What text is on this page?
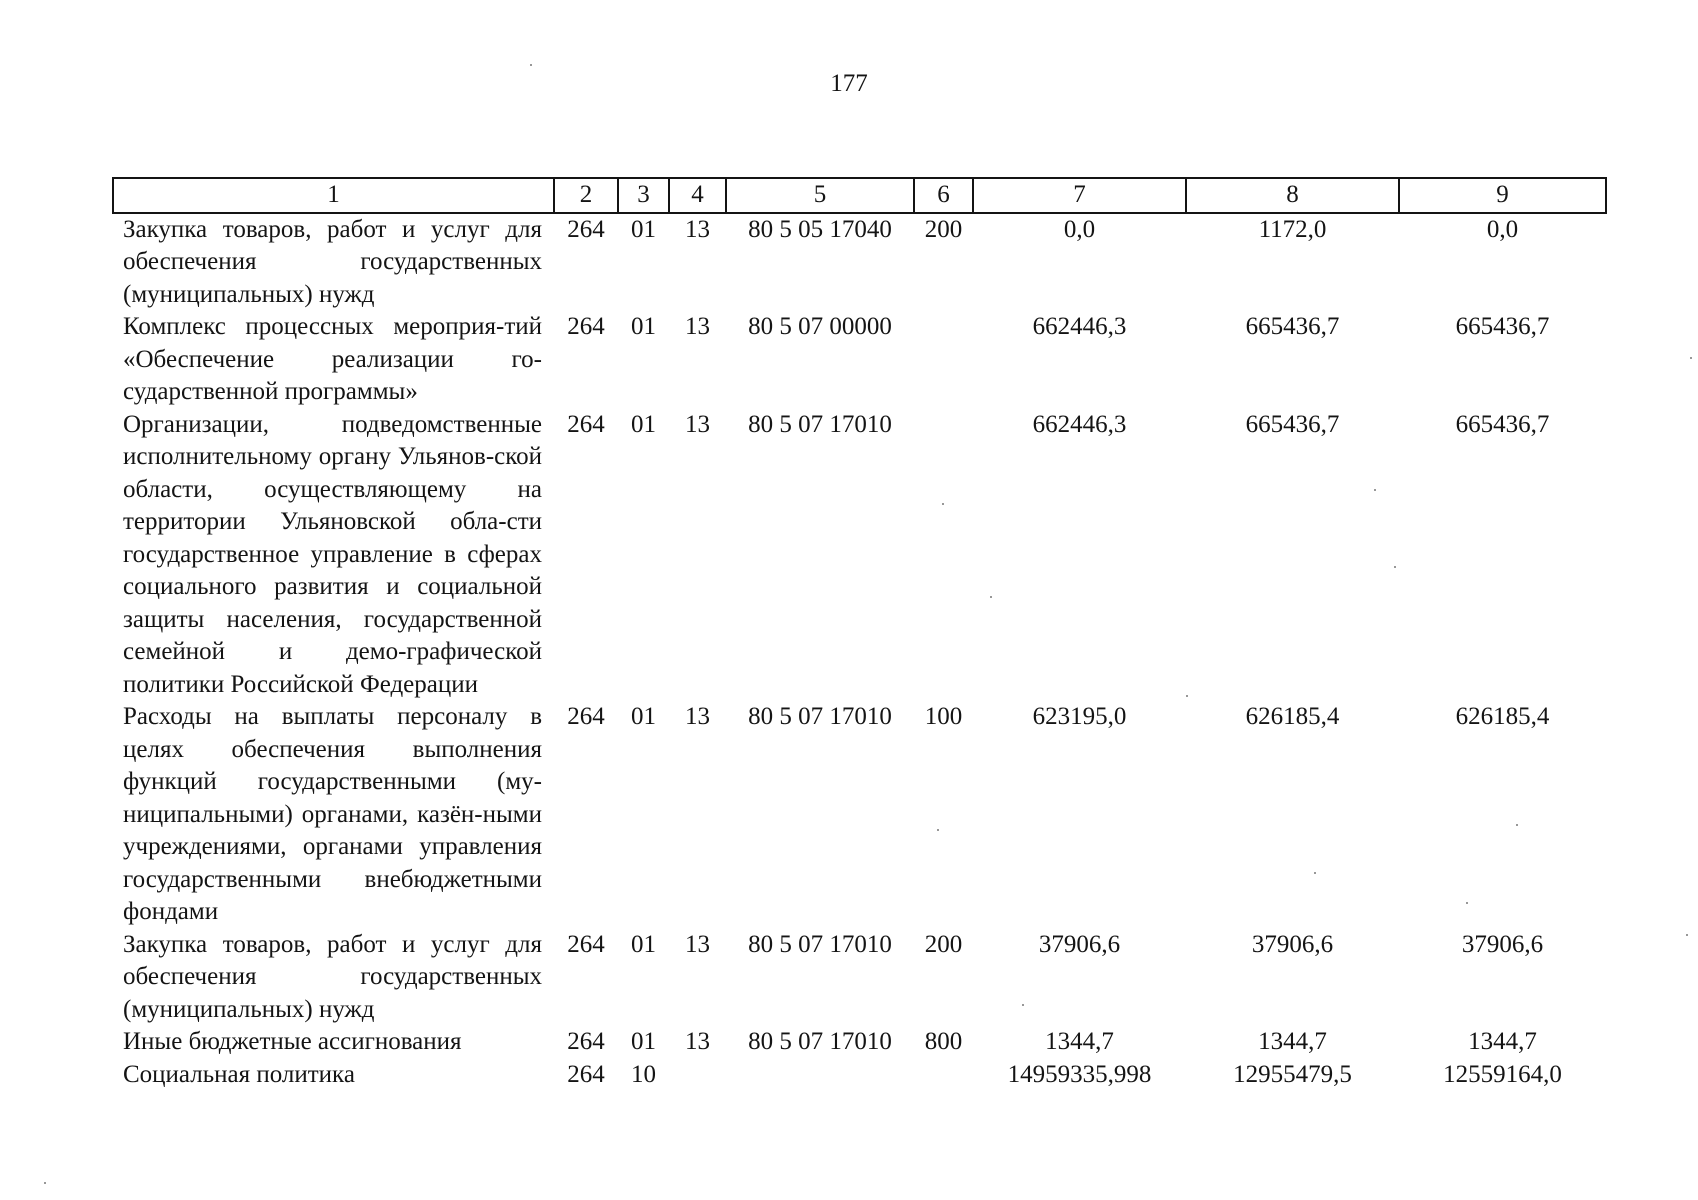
177
1	2	3	4	5	6	7	8	9
Закупка товаров, работ и услуг для обеспечения государственных (муниципальных) нужд	264	01	13	80 5 05 17040	200	0,0	1172,0	0,0
Комплекс процессных мероприя-тий «Обеспечение реализации го-сударственной программы»	264	01	13	80 5 07 00000		662446,3	665436,7	665436,7
Организации, подведомственные исполнительному органу Ульянов-ской области, осуществляющему на территории Ульяновской обла-сти государственное управление в сферах социального развития и социальной защиты населения, государственной семейной и демо-графической политики Российской Федерации	264	01	13	80 5 07 17010		662446,3	665436,7	665436,7
Расходы на выплаты персоналу в целях обеспечения выполнения функций государственными (му-ниципальными) органами, казён-ными учреждениями, органами управления государственными внебюджетными фондами	264	01	13	80 5 07 17010	100	623195,0	626185,4	626185,4
Закупка товаров, работ и услуг для обеспечения государственных (муниципальных) нужд	264	01	13	80 5 07 17010	200	37906,6	37906,6	37906,6
Иные бюджетные ассигнования	264	01	13	80 5 07 17010	800	1344,7	1344,7	1344,7
Социальная политика	264	10				14959335,998	12955479,5	12559164,0
